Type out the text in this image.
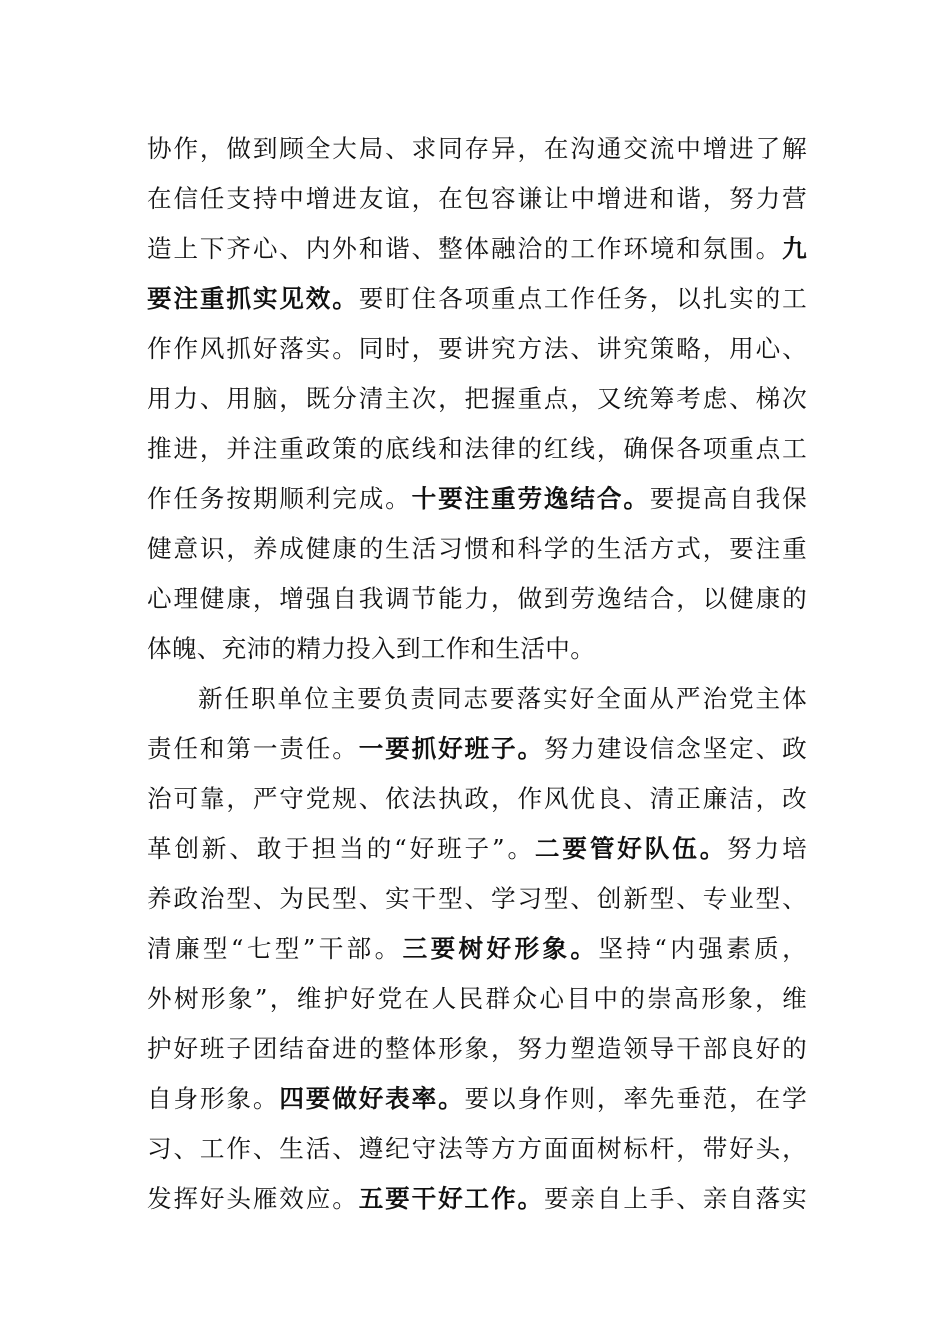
协作，做到顾全大局、求同存异，在沟通交流中增进了解
在信任支持中增进友谊，在包容谦让中增进和谐，努力营
造上下齐心、内外和谐、整体融洽的工作环境和氛围。九
要注重抓实见效。要盯住各项重点工作任务，以扎实的工
作作风抓好落实。同时，要讲究方法、讲究策略，用心、
用力、用脑，既分清主次，把握重点，又统筹考虑、梯次
推进，并注重政策的底线和法律的红线，确保各项重点工
作任务按期顺利完成。十要注重劳逸结合。要提高自我保
健意识，养成健康的生活习惯和科学的生活方式，要注重
心理健康，增强自我调节能力，做到劳逸结合，以健康的
体魄、充沛的精力投入到工作和生活中。
新任职单位主要负责同志要落实好全面从严治党主体
责任和第一责任。一要抓好班子。努力建设信念坚定、政
治可靠，严守党规、依法执政，作风优良、清正廉洁，改
革创新、敢于担当的“好班子”。二要管好队伍。努力培
养政治型、为民型、实干型、学习型、创新型、专业型、
清廉型“七型”干部。三要树好形象。坚持“内强素质，
外树形象”，维护好党在人民群众心目中的崇高形象，维
护好班子团结奋进的整体形象，努力塑造领导干部良好的
自身形象。四要做好表率。要以身作则，率先垂范，在学
习、工作、生活、遵纪守法等方方面面树标杆，带好头，
发挥好头雁效应。五要干好工作。要亲自上手、亲自落实
